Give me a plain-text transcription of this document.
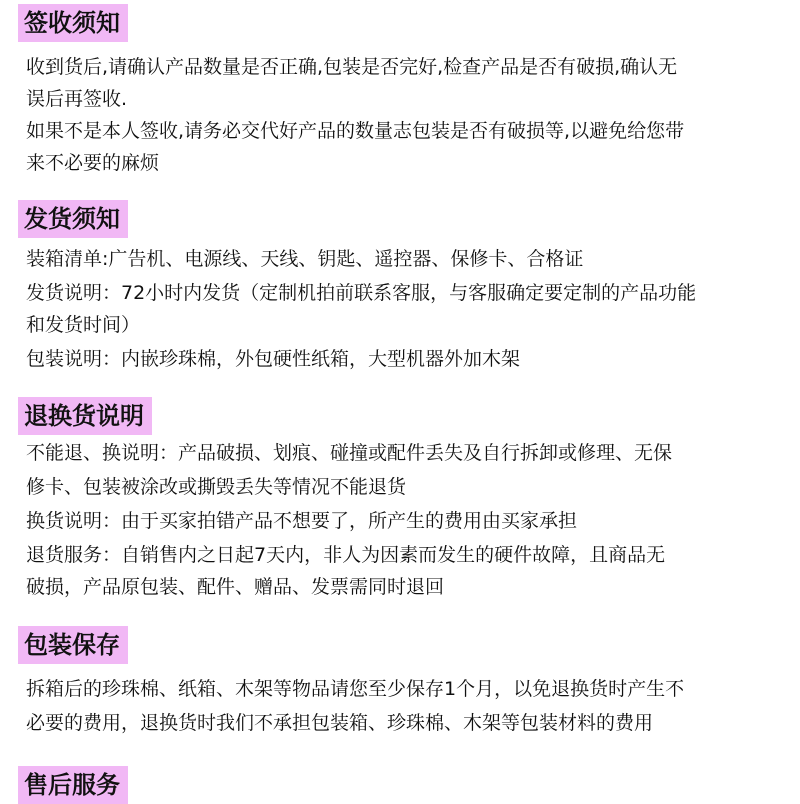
签收须知
收到货后,请确认产品数量是否正确,包装是否完好,检查产品是否有破损,确认无
误后再签收.
如果不是本人签收,请务必交代好产品的数量志包装是否有破损等,以避免给您带
来不必要的麻烦
发货须知
装箱清单:广告机、电源线、天线、钥匙、遥控器、保修卡、合格证
发货说明：72小时内发货（定制机拍前联系客服，与客服确定要定制的产品功能
和发货时间）
包装说明：内嵌珍珠棉，外包硬性纸箱，大型机器外加木架
退换货说明
不能退、换说明：产品破损、划痕、碰撞或配件丢失及自行拆卸或修理、无保
修卡、包装被涂改或撕毁丢失等情况不能退货
换货说明：由于买家拍错产品不想要了，所产生的费用由买家承担
退货服务：自销售内之日起7天内，非人为因素而发生的硬件故障，且商品无
破损，产品原包装、配件、赠品、发票需同时退回
包装保存
拆箱后的珍珠棉、纸箱、木架等物品请您至少保存1个月，以免退换货时产生不
必要的费用，退换货时我们不承担包装箱、珍珠棉、木架等包装材料的费用
售后服务
